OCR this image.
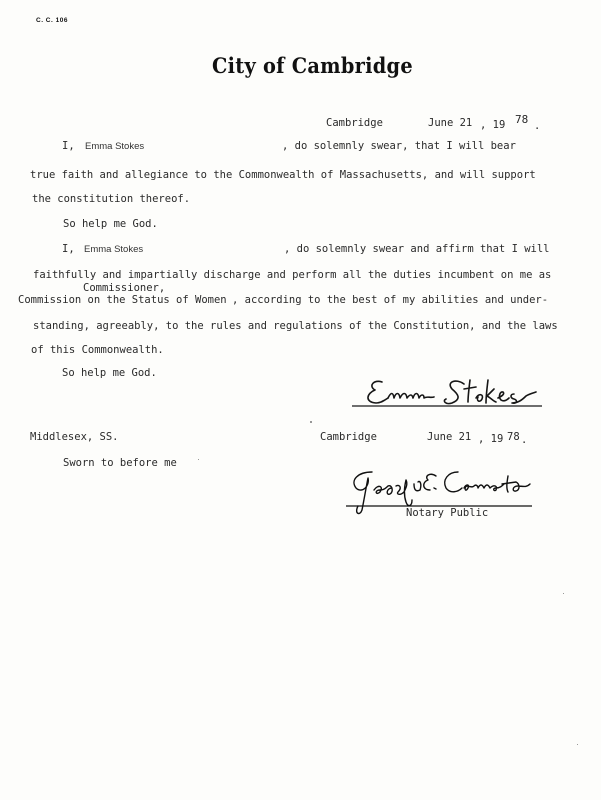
C. C. 106
City of Cambridge
Cambridge	June 21 , 19 78 .
I, Emma Stokes	, do solemnly swear, that I will bear
true faith and allegiance to the Commonwealth of Massachusetts, and will support
the constitution thereof.
So help me God.
I, Emma Stokes	, do solemnly swear and affirm that I will
faithfully and impartially discharge and perform all the duties incumbent on me as
Commissioner,
Commission on the Status of Women , according to the best of my abilities and under-
standing, agreeably, to the rules and regulations of the Constitution, and the laws
of this Commonwealth.
So help me God.
Middlesex, SS.	Cambridge	June 21 , 19 78 .
Sworn to before me
Notary Public
